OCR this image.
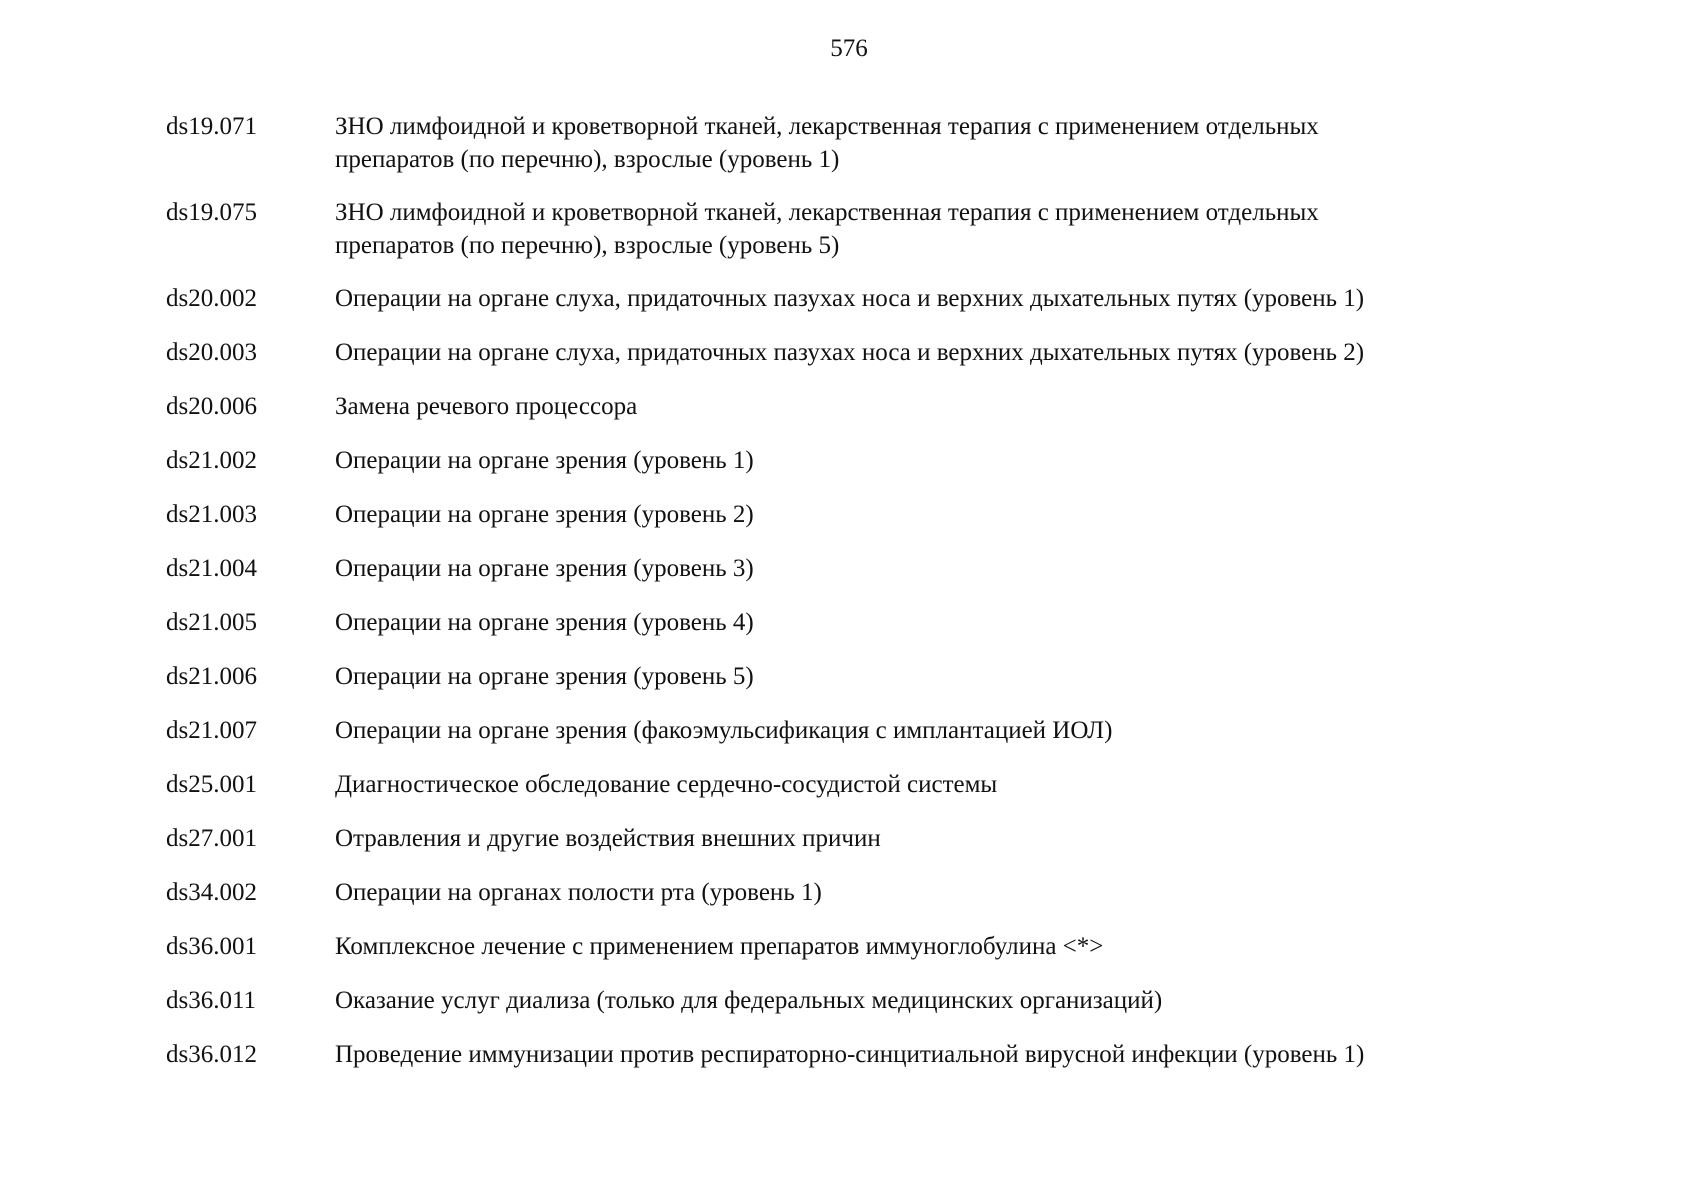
576
ds19.071	ЗНО лимфоидной и кроветворной тканей, лекарственная терапия с применением отдельных
препаратов (по перечню), взрослые (уровень 1)
ds19.075	ЗНО лимфоидной и кроветворной тканей, лекарственная терапия с применением отдельных
препаратов (по перечню), взрослые (уровень 5)
ds20.002	Операции на органе слуха, придаточных пазухах носа и верхних дыхательных путях (уровень 1)
ds20.003	Операции на органе слуха, придаточных пазухах носа и верхних дыхательных путях (уровень 2)
ds20.006	Замена речевого процессора
ds21.002	Операции на органе зрения (уровень 1)
ds21.003	Операции на органе зрения (уровень 2)
ds21.004	Операции на органе зрения (уровень 3)
ds21.005	Операции на органе зрения (уровень 4)
ds21.006	Операции на органе зрения (уровень 5)
ds21.007	Операции на органе зрения (факоэмульсификация с имплантацией ИОЛ)
ds25.001	Диагностическое обследование сердечно-сосудистой системы
ds27.001	Отравления и другие воздействия внешних причин
ds34.002	Операции на органах полости рта (уровень 1)
ds36.001	Комплексное лечение с применением препаратов иммуноглобулина <*>
ds36.011	Оказание услуг диализа (только для федеральных медицинских организаций)
ds36.012	Проведение иммунизации против респираторно-синцитиальной вирусной инфекции (уровень 1)
